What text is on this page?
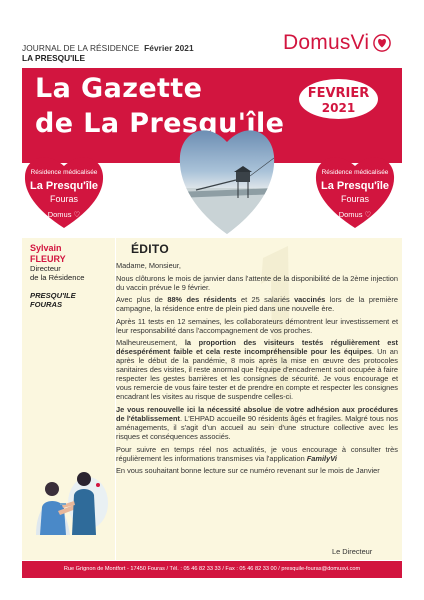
JOURNAL DE LA RÉSIDENCE Février 2021
LA PRESQU'ILE
DomusVi
La Gazette
de La Presqu'île
FEVRIER
2021
Résidence médicalisée
La Presqu'île
Fouras
Domus ♡
Résidence médicalisée
La Presqu'île
Fouras
Domus ♡
Sylvain
FLEURY
Directeur
de la Résidence
PRESQU'ILE
FOURAS
ÉDITO

Madame, Monsieur,

Nous clôturons le mois de janvier dans l'attente de la disponibilité de la 2ème injection du vaccin prévue le 9 février.

Avec plus de 88% des résidents et 25 salariés vaccinés lors de la première campagne, la résidence entre de plein pied dans une nouvelle ère.

Après 11 tests en 12 semaines, les collaborateurs démontrent leur investissement et leur responsabilité dans l'accompagnement de vos proches.

Malheureusement, la proportion des visiteurs testés régulièrement est désespérément faible et cela reste incompréhensible pour les équipes. Un an après le début de la pandémie, 8 mois après la mise en œuvre des protocoles sanitaires des visites, il reste anormal que l'équipe d'encadrement soit occupée à faire respecter les gestes barrières et les consignes de sécurité. Je vous encourage et vous remercie de vous faire tester et de prendre en compte et respecter les consignes encadrant les visites au risque de suspendre celles-ci.

Je vous renouvelle ici la nécessité absolue de votre adhésion aux procédures de l'établissement. L'EHPAD accueille 90 résidents âgés et fragiles. Malgré tous nos aménagements, il s'agit d'un accueil au sein d'une structure collective avec les risques et conséquences associés.

Pour suivre en temps réel nos actualités, je vous encourage à consulter très régulièrement les informations transmises via l'application FamilyVi

En vous souhaitant bonne lecture sur ce numéro revenant sur le mois de Janvier

Le Directeur
Rue Grignon de Montfort - 17450 Fouras / Tél. : 05 46 82 33 33 / Fax : 05 46 82 33 00 / presquile-fouras@domusvi.com
